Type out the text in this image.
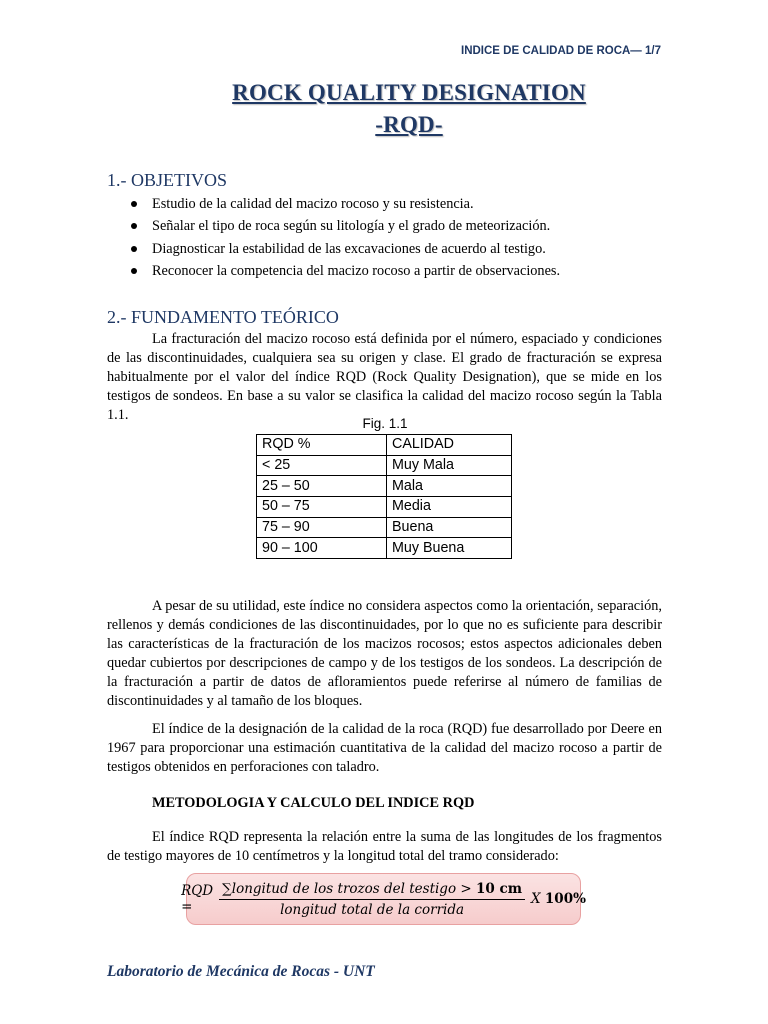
INDICE DE CALIDAD DE ROCA— 1/7
ROCK QUALITY DESIGNATION
-RQD-
1.- OBJETIVOS
Estudio de la calidad del macizo rocoso y su resistencia.
Señalar el tipo de roca según su litología y el grado de meteorización.
Diagnosticar la estabilidad de las excavaciones de acuerdo al testigo.
Reconocer la competencia del macizo rocoso a partir de observaciones.
2.- FUNDAMENTO TEÓRICO

La fracturación del macizo rocoso está definida por el número, espaciado y condiciones de las discontinuidades, cualquiera sea su origen y clase. El grado de fracturación se expresa habitualmente por el valor del índice RQD (Rock Quality Designation), que se mide en los testigos de sondeos. En base a su valor se clasifica la calidad del macizo rocoso según la Tabla 1.1.

Fig. 1.1
RQD %	CALIDAD
< 25	Muy Mala
25 – 50	Mala
50 – 75	Media
75 – 90	Buena
90 – 100	Muy Buena

A pesar de su utilidad, este índice no considera aspectos como la orientación, separación, rellenos y demás condiciones de las discontinuidades, por lo que no es suficiente para describir las características de la fracturación de los macizos rocosos; estos aspectos adicionales deben quedar cubiertos por descripciones de campo y de los testigos de los sondeos. La descripción de la fracturación a partir de datos de afloramientos puede referirse al número de familias de discontinuidades y al tamaño de los bloques.

El índice de la designación de la calidad de la roca (RQD) fue desarrollado por Deere en 1967 para proporcionar una estimación cuantitativa de la calidad del macizo rocoso a partir de testigos obtenidos en perforaciones con taladro.

METODOLOGIA Y CALCULO DEL INDICE RQD

El índice RQD representa la relación entre la suma de las longitudes de los fragmentos de testigo mayores de 10 centímetros y la longitud total del tramo considerado:

RQD =	$\frac{\text{∑longitud de los trozos del testigo > 10 cm}}{\text{longitud total de la corrida}}$ X
100%
Laboratorio de Mecánica de Rocas - UNT
